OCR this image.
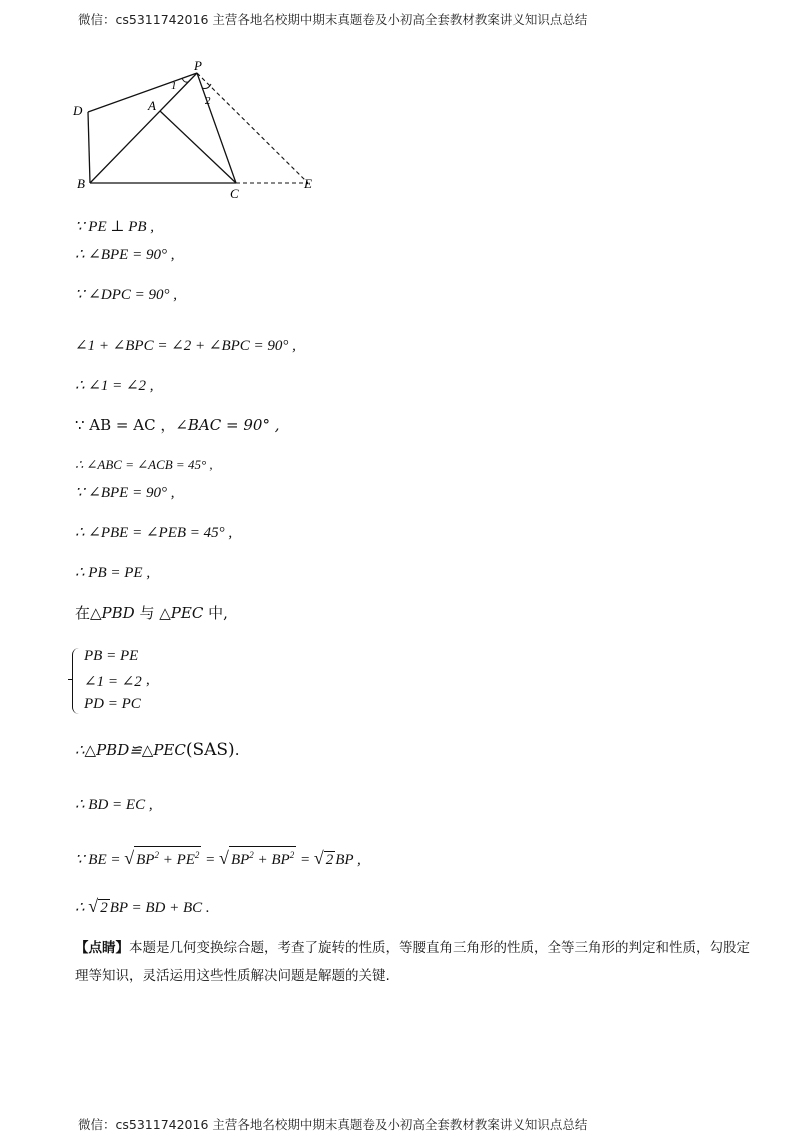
微信：cs5311742016 主营各地名校期中期末真题卷及小初高全套教材教案讲义知识点总结
P
A
D
B
C
E
1
2
∵ PE ⊥ PB ,
∴ ∠BPE = 90° ,
∵ ∠DPC = 90° ,
∠1 + ∠BPC = ∠2 + ∠BPC = 90° ,
∴ ∠1 = ∠2 ,
∵ AB = AC ，∠BAC = 90° ,
∴ ∠ABC = ∠ACB = 45° ,
∵ ∠BPE = 90° ,
∴ ∠PBE = ∠PEB = 45° ,
∴ PB = PE ,
在△PBD 与 △PEC 中,
PB = PE
∠1 = ∠2
PD = PC
,
∴△PBD≌△PEC(SAS).
∴ BD = EC ,
∵ BE = √ $BP^2 + PE^2$ = √ $BP^2 + BP^2$ = √ 2 BP ,
∴ √ 2 BP = BD + BC .
【点睛】本题是几何变换综合题，考查了旋转的性质，等腰直角三角形的性质，全等三角形的判定和性质，勾股定理等知识，灵活运用这些性质解决问题是解题的关键.
微信：cs5311742016 主营各地名校期中期末真题卷及小初高全套教材教案讲义知识点总结
